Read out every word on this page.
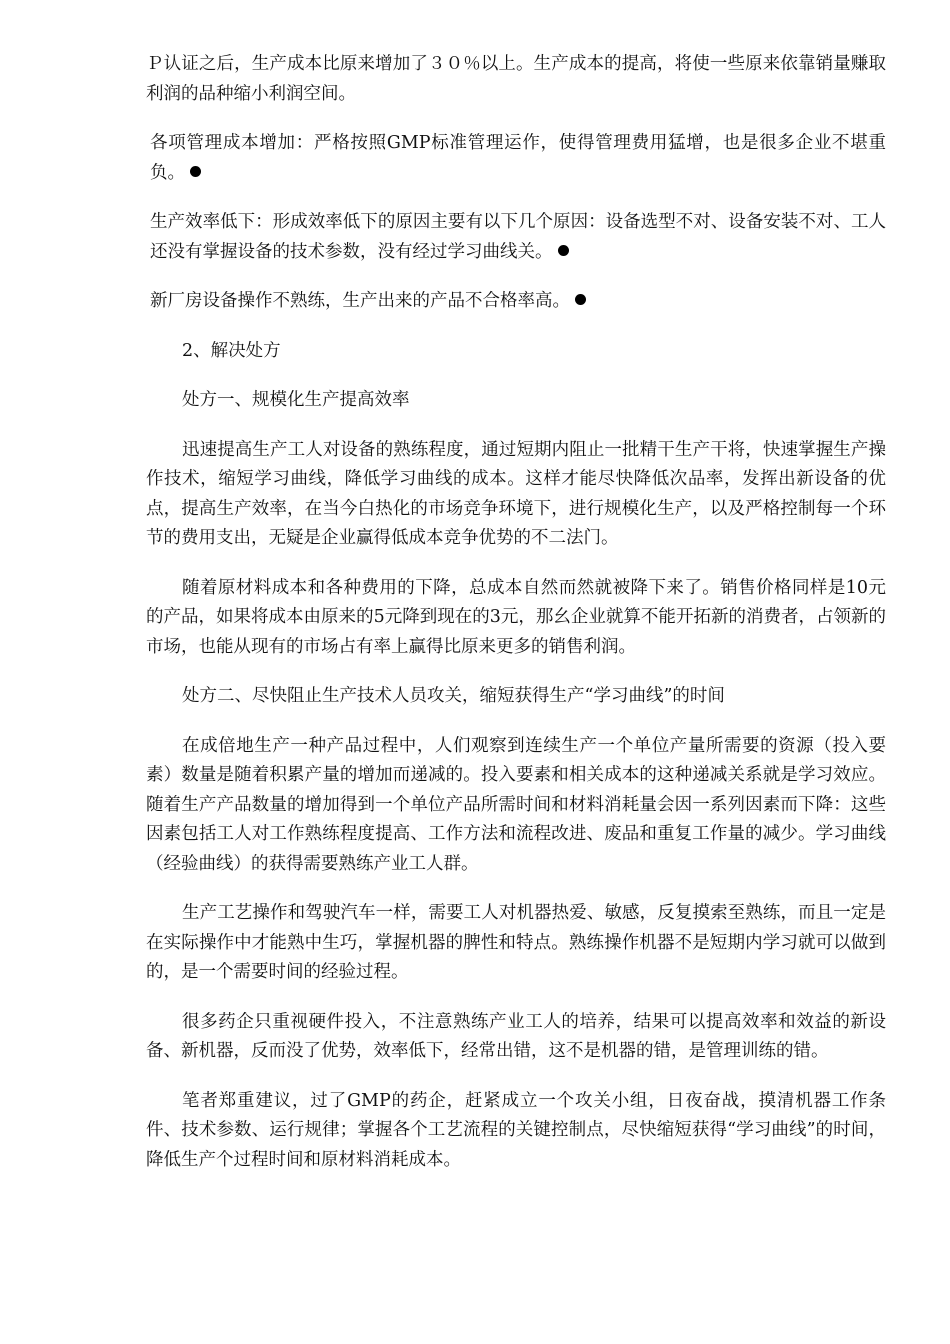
Ｐ认证之后，生产成本比原来增加了３０％以上。生产成本的提高，将使一些原来依靠销量赚取利润的品种缩小利润空间。

各项管理成本增加：严格按照GMP标准管理运作，使得管理费用猛增，也是很多企业不堪重负。

生产效率低下：形成效率低下的原因主要有以下几个原因：设备选型不对、设备安装不对、工人还没有掌握设备的技术参数，没有经过学习曲线关。

新厂房设备操作不熟练，生产出来的产品不合格率高。

2、解决处方

处方一、规模化生产提高效率

迅速提高生产工人对设备的熟练程度，通过短期内阻止一批精干生产干将，快速掌握生产操作技术，缩短学习曲线，降低学习曲线的成本。这样才能尽快降低次品率，发挥出新设备的优点，提高生产效率，在当今白热化的市场竞争环境下，进行规模化生产，以及严格控制每一个环节的费用支出，无疑是企业赢得低成本竞争优势的不二法门。

随着原材料成本和各种费用的下降，总成本自然而然就被降下来了。销售价格同样是10元的产品，如果将成本由原来的5元降到现在的3元，那幺企业就算不能开拓新的消费者，占领新的市场，也能从现有的市场占有率上赢得比原来更多的销售利润。

处方二、尽快阻止生产技术人员攻关，缩短获得生产“学习曲线”的时间

在成倍地生产一种产品过程中，人们观察到连续生产一个单位产量所需要的资源（投入要素）数量是随着积累产量的增加而递减的。投入要素和相关成本的这种递减关系就是学习效应。随着生产产品数量的增加得到一个单位产品所需时间和材料消耗量会因一系列因素而下降：这些因素包括工人对工作熟练程度提高、工作方法和流程改进、废品和重复工作量的减少。学习曲线（经验曲线）的获得需要熟练产业工人群。

生产工艺操作和驾驶汽车一样，需要工人对机器热爱、敏感，反复摸索至熟练，而且一定是在实际操作中才能熟中生巧，掌握机器的脾性和特点。熟练操作机器不是短期内学习就可以做到的，是一个需要时间的经验过程。

很多药企只重视硬件投入，不注意熟练产业工人的培养，结果可以提高效率和效益的新设备、新机器，反而没了优势，效率低下，经常出错，这不是机器的错，是管理训练的错。

笔者郑重建议，过了GMP的药企，赶紧成立一个攻关小组，日夜奋战，摸清机器工作条件、技术参数、运行规律；掌握各个工艺流程的关键控制点，尽快缩短获得“学习曲线”的时间，降低生产个过程时间和原材料消耗成本。
